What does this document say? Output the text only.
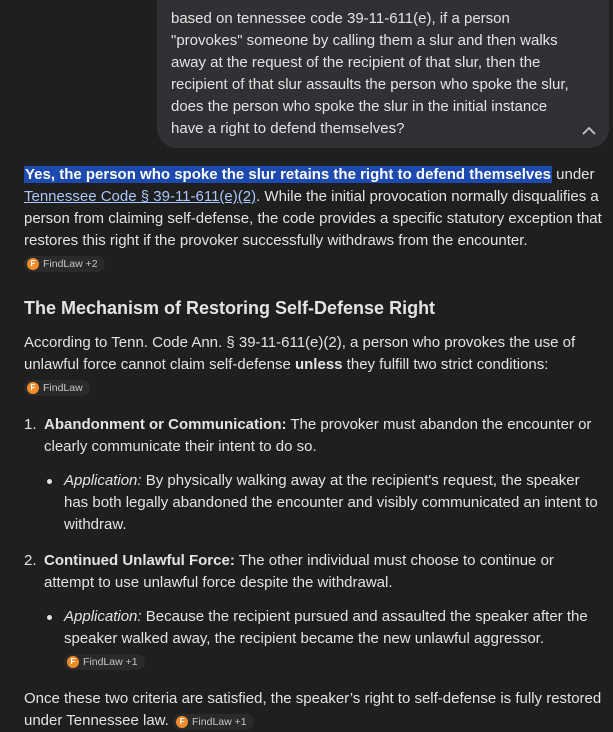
based on tennessee code 39-11-611(e), if a person "provokes" someone by calling them a slur and then walks away at the request of the recipient of that slur, then the recipient of that slur assaults the person who spoke the slur, does the person who spoke the slur in the initial instance have a right to defend themselves?

Yes, the person who spoke the slur retains the right to defend themselves under Tennessee Code § 39-11-611(e)(2). While the initial provocation normally disqualifies a person from claiming self-defense, the code provides a specific statutory exception that restores this right if the provoker successfully withdraws from the encounter.
F FindLaw +2

The Mechanism of Restoring Self-Defense Right

According to Tenn. Code Ann. § 39-11-611(e)(2), a person who provokes the use of unlawful force cannot claim self-defense unless they fulfill two strict conditions:
F FindLaw

1. Abandonment or Communication: The provoker must abandon the encounter or clearly communicate their intent to do so.
Application: By physically walking away at the recipient's request, the speaker has both legally abandoned the encounter and visibly communicated an intent to withdraw.
2. Continued Unlawful Force: The other individual must choose to continue or attempt to use unlawful force despite the withdrawal.
Application: Because the recipient pursued and assaulted the speaker after the speaker walked away, the recipient became the new unlawful aggressor.
F FindLaw +1

Once these two criteria are satisfied, the speaker’s right to self-defense is fully restored under Tennessee law.	F FindLaw +1
